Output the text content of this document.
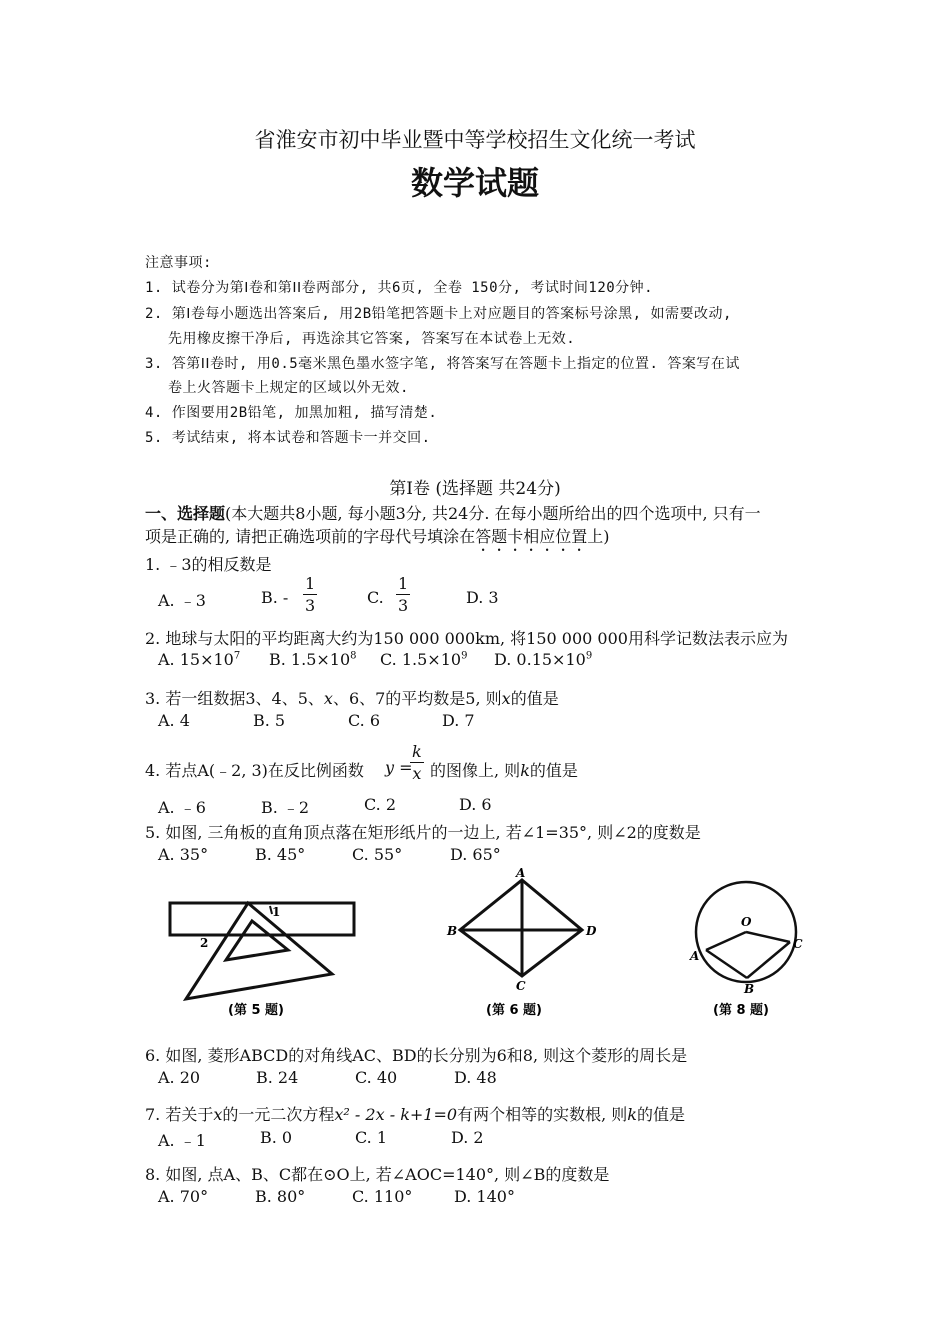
省淮安市初中毕业暨中等学校招生文化统一考试
数学试题
注意事项:
1. 试卷分为第Ⅰ卷和第ⅠⅠ卷两部分, 共6页, 全卷 150分, 考试时间120分钟.
2. 第Ⅰ卷每小题选出答案后, 用2B铅笔把答题卡上对应题目的答案标号涂黑, 如需要改动,
先用橡皮擦干净后, 再选涂其它答案, 答案写在本试卷上无效.
3. 答第ⅠⅠ卷时, 用0.5毫米黑色墨水签字笔, 将答案写在答题卡上指定的位置. 答案写在试
卷上火答题卡上规定的区域以外无效.
4. 作图要用2B铅笔, 加黑加粗, 描写清楚.
5. 考试结束, 将本试卷和答题卡一并交回.
第Ⅰ卷 (选择题 共24分)
一、选择题(本大题共8小题, 每小题3分, 共24分. 在每小题所给出的四个选项中, 只有一
项是正确的, 请把正确选项前的字母代号填涂在答题卡相应位置上)
1. ﹣3的相反数是
A. ﹣3	B. - $\frac{1}{3}$	C. $\frac{1}{3}$	D. 3
2. 地球与太阳的平均距离大约为150 000 000km, 将150 000 000用科学记数法表示应为
A. $15\times 10^7$ B. $1.5\times 10^8$ C. $1.5\times 10^9$ D. $0.15\times 10^9$
3. 若一组数据3、4、5、x、6、7的平均数是5, 则x的值是
A. 4	B. 5	C. 6	D. 7
4. 若点A(﹣2, 3)在反比例函数 y =
$\frac{k}{x}$ 的图像上, 则k的值是
A. ﹣6	B. ﹣2	C. 2	D. 6
5. 如图, 三角板的直角顶点落在矩形纸片的一边上, 若∠1=35°, 则∠2的度数是
A. 35°	B. 45°	C. 55°	D. 65°
1
2
(第 5 题)
A
B
C
D
(第 6 题)
O
A
B
C
(第 8 题)
6. 如图, 菱形ABCD的对角线AC、BD的长分别为6和8, 则这个菱形的周长是
A. 20	B. 24	C. 40	D. 48
7. 若关于x的一元二次方程x² - 2x - k+1=0有两个相等的实数根, 则k的值是
A. ﹣1	B. 0	C. 1	D. 2
8. 如图, 点A、B、C都在⊙O上, 若∠AOC=140°, 则∠B的度数是
A. 70°	B. 80°	C. 110°	D. 140°
